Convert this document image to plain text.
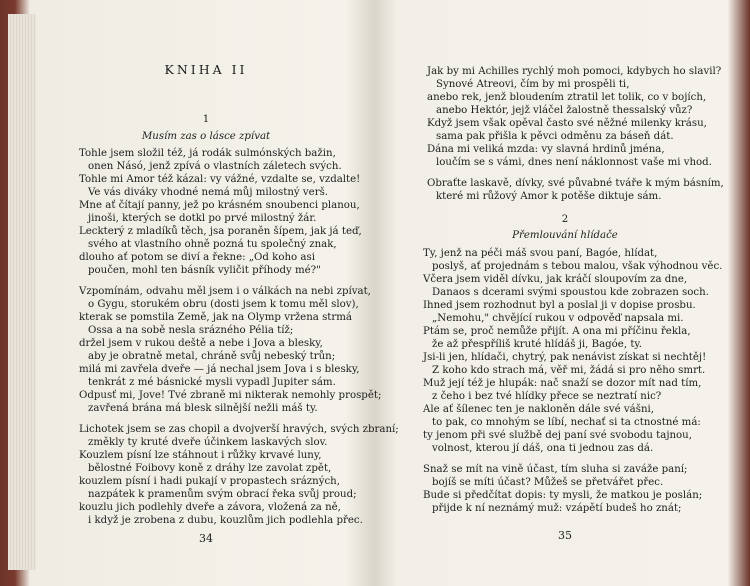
KNIHA II
1
Musím zas o lásce zpívat
Tohle jsem složil též, já rodák sulmónských bažin,
onen Násó, jenž zpívá o vlastních záletech svých.
Tohle mi Amor též kázal: vy vážné, vzdalte se, vzdalte!
Ve vás diváky vhodné nemá můj milostný verš.
Mne ať čítají panny, jež po krásném snoubenci planou,
jinoši, kterých se dotkl po prvé milostný žár.
Leckterý z mladíků těch, jsa poraněn šípem, jak já teď,
svého at vlastního ohně pozná tu společný znak,
dlouho ať potom se diví a řekne: „Od koho asi
poučen, mohl ten básník vyličit příhody mé?"
Vzpomínám, odvahu měl jsem i o válkách na nebi zpívat,
o Gygu, storukém obru (dosti jsem k tomu měl slov),
kterak se pomstila Země, jak na Olymp vržena strmá
Ossa a na sobě nesla srázného Pélia tíž;
držel jsem v rukou deště a nebe i Jova a blesky,
aby je obratně metal, chráně svůj nebeský trůn;
milá mi zavřela dveře — já nechal jsem Jova i s blesky,
tenkrát z mé básnické mysli vypadl Jupiter sám.
Odpusť mi, Jove! Tvé zbraně mi nikterak nemohly prospět;
zavřená brána má blesk silnější nežli máš ty.
Lichotek jsem se zas chopil a dvojverší hravých, svých zbraní;
změkly ty kruté dveře účinkem laskavých slov.
Kouzlem písní lze stáhnout i růžky krvavé luny,
bělostné Foibovy koně z dráhy lze zavolat zpět,
kouzlem písní i hadi pukají v propastech srázných,
nazpátek k pramenům svým obrací řeka svůj proud;
kouzlu jich podlehly dveře a závora, vložená za ně,
i když je zrobena z dubu, kouzlům jich podlehla přec.
34
Jak by mi Achilles rychlý moh pomoci, kdybych ho slavil?
Synové Atreovi, čím by mi prospěli ti,
anebo rek, jenž bloudením ztratil let tolik, co v bojích,
anebo Hektór, jejž vláčel žalostně thessalský vůz?
Když jsem však opěval často své něžné milenky krásu,
sama pak přišla k pěvci odměnu za báseň dát.
Dána mi veliká mzda: vy slavná hrdinů jména,
loučím se s vámi, dnes není náklonnost vaše mi vhod.
Obraťte laskavě, dívky, své půvabné tváře k mým básním,
které mi růžový Amor k potěše diktuje sám.
2
Přemlouvání hlídače
Ty, jenž na péči máš svou paní, Bagóe, hlídat,
poslyš, ať projednám s tebou malou, však výhodnou věc.
Včera jsem viděl dívku, jak kráčí sloupovím za dne,
Danaos s dcerami svými spoustou kde zobrazen soch.
Ihned jsem rozhodnut byl a poslal ji v dopise prosbu.
„Nemohu," chvějící rukou v odpověď napsala mi.
Ptám se, proč nemůže přijít. A ona mi příčinu řekla,
že až přespříliš kruté hlídáš ji, Bagóe, ty.
Jsi-li jen, hlídači, chytrý, pak nenávist získat si nechtěj!
Z koho kdo strach má, věř mi, žádá si pro něho smrt.
Muž její též je hlupák: nač snaží se dozor mít nad tím,
z čeho i bez tvé hlídky přece se neztratí nic?
Ale ať šílenec ten je nakloněn dále své vášni,
to pak, co mnohým se líbí, nechať si ta ctnostné má:
ty jenom při své službě dej paní své svobodu tajnou,
volnost, kterou jí dáš, ona ti jednou zas dá.
Snaž se mít na vině účast, tím sluha si zaváže paní;
bojíš se míti účast? Můžeš se přetvářet přec.
Bude si předčítat dopis: ty mysli, že matkou je poslán;
přijde k ní neznámý muž: vzápětí budeš ho znát;
35
